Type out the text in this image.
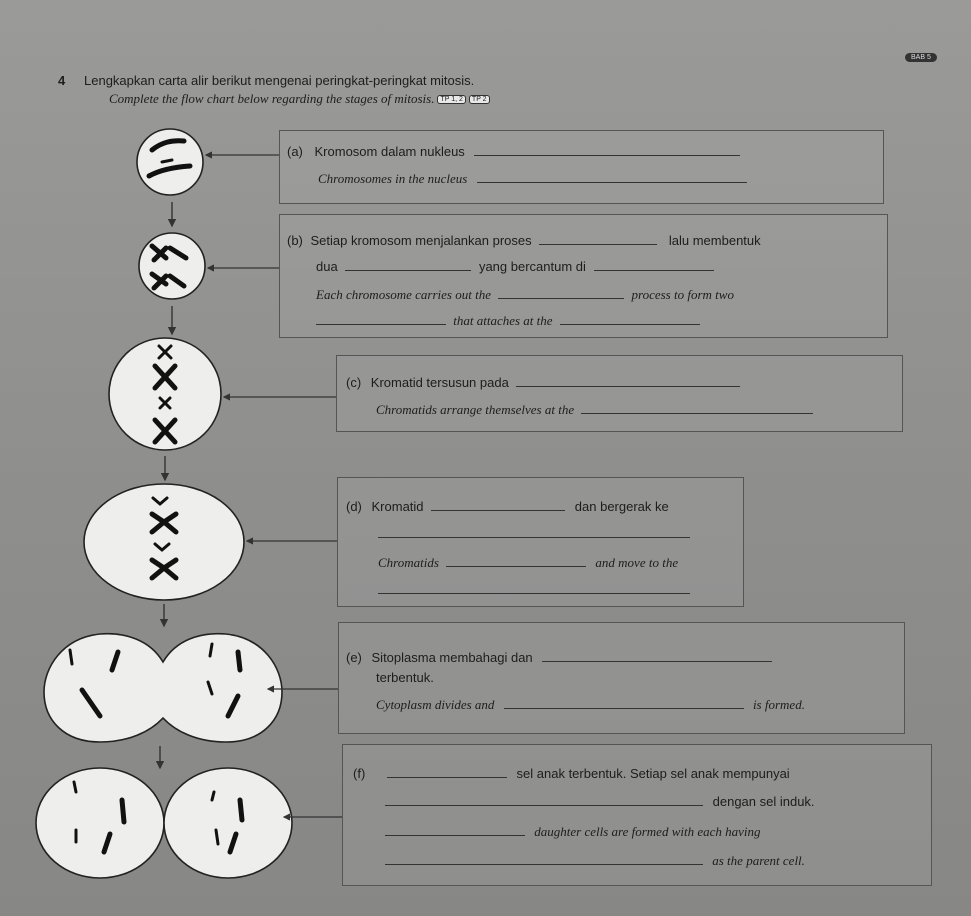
BAB 5
4 Lengkapkan carta alir berikut mengenai peringkat-peringkat mitosis.
Complete the flow chart below regarding the stages of mitosis. TP 1, 2 TP 2
(a) Kromosom dalam nukleus
Chromosomes in the nucleus
(b) Setiap kromosom menjalankan proses	lalu membentuk
dua	yang bercantum di
Each chromosome carries out the	process to form two
that attaches at the
(c) Kromatid tersusun pada
Chromatids arrange themselves at the
(d) Kromatid	dan bergerak ke
Chromatids	and move to the
(e) Sitoplasma membahagi dan
terbentuk.
Cytoplasm divides and	is formed.
(f)	sel anak terbentuk. Setiap sel anak mempunyai
dengan sel induk.
daughter cells are formed with each having
as the parent cell.
